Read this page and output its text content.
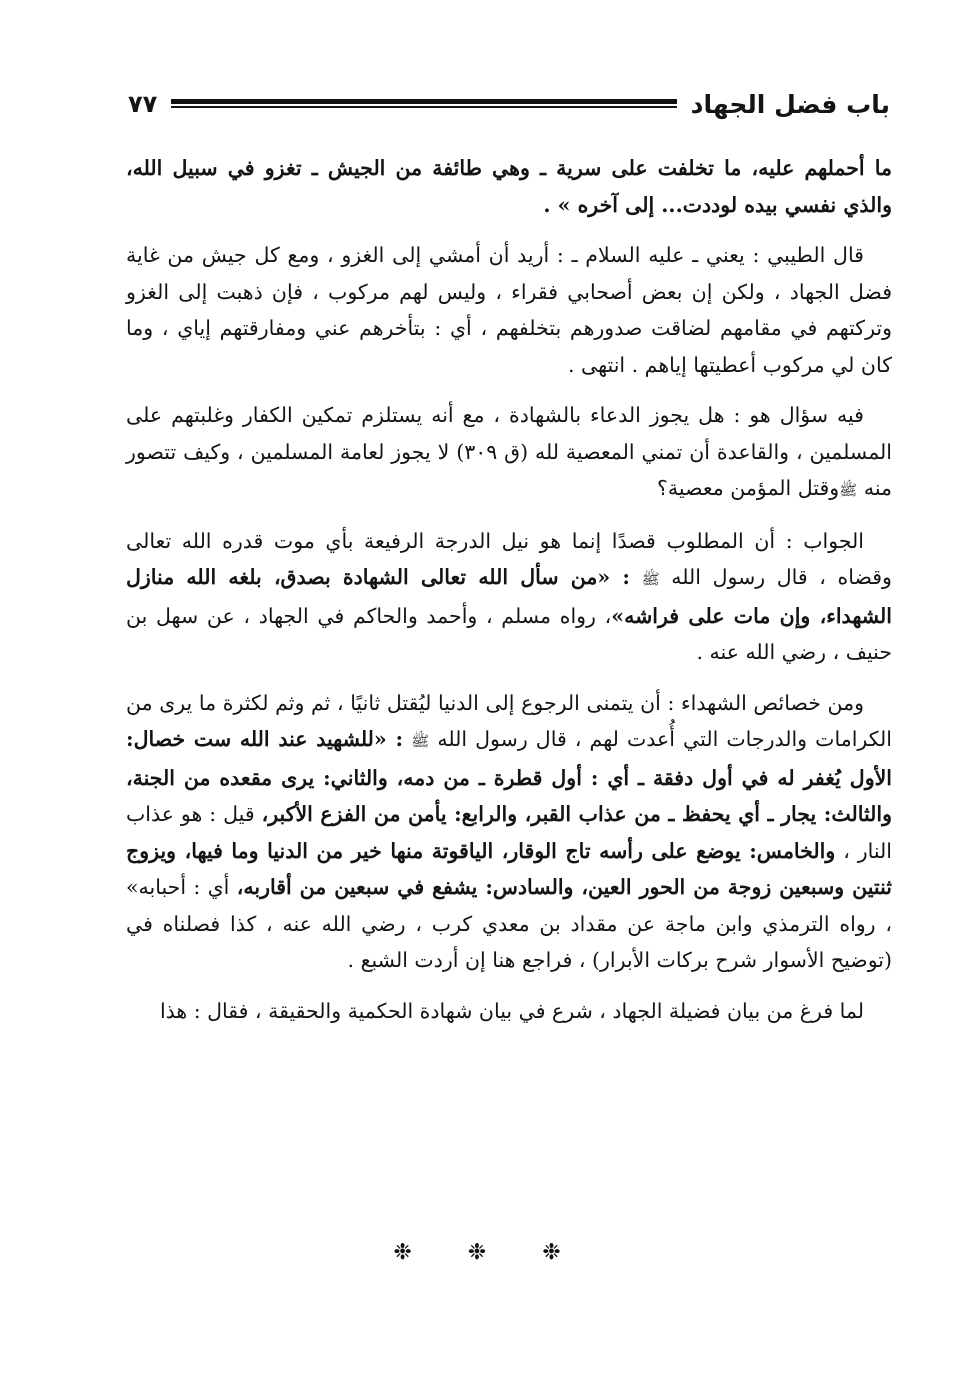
باب فضل الجهاد
٧٧

ما أحملهم عليه، ما تخلفت على سرية ـ وهي طائفة من الجيش ـ تغزو في سبيل الله، والذي نفسي بيده لوددت... إلى آخره » .

قال الطيبي : يعني ـ عليه السلام ـ : أريد أن أمشي إلى الغزو ، ومع كل جيش من غاية فضل الجهاد ، ولكن إن بعض أصحابي فقراء ، وليس لهم مركوب ، فإن ذهبت إلى الغزو وتركتهم في مقامهم لضاقت صدورهم بتخلفهم ، أي : بتأخرهم عني ومفارقتهم إياي ، وما كان لي مركوب أعطيتها إياهم . انتهى .

فيه سؤال هو : هل يجوز الدعاء بالشهادة ، مع أنه يستلزم تمكين الكفار وغلبتهم على المسلمين ، والقاعدة أن تمني المعصية لله (ق ٣٠٩) لا يجوز لعامة المسلمين ، وكيف تتصور منه ﷺوقتل المؤمن معصية؟

الجواب : أن المطلوب قصدًا إنما هو نيل الدرجة الرفيعة بأي موت قدره الله تعالى وقضاه ، قال رسول الله ﷺ : «من سأل الله تعالى الشهادة بصدق، بلغه الله منازل الشهداء، وإن مات على فراشه»، رواه مسلم ، وأحمد والحاكم في الجهاد ، عن سهل بن حنيف ، رضي الله عنه .

ومن خصائص الشهداء : أن يتمنى الرجوع إلى الدنيا ليُقتل ثانيًا ، ثم وثم لكثرة ما يرى من الكرامات والدرجات التي أُعدت لهم ، قال رسول الله ﷺ : «للشهيد عند الله ست خصال: الأول يُغفر له في أول دفقة ـ أي : أول قطرة ـ من دمه، والثاني: يرى مقعده من الجنة، والثالث: يجار ـ أي يحفظ ـ من عذاب القبر، والرابع: يأمن من الفزع الأكبر، قيل : هو عذاب النار ، والخامس: يوضع على رأسه تاج الوقار، الياقوتة منها خير من الدنيا وما فيها، ويزوج ثنتين وسبعين زوجة من الحور العين، والسادس: يشفع في سبعين من أقاربه، أي : أحبابه» ، رواه الترمذي وابن ماجة عن مقداد بن معدي كرب ، رضي الله عنه ، كذا فصلناه في (توضيح الأسوار شرح بركات الأبرار) ، فراجع هنا إن أردت الشبع .

لما فرغ من بيان فضيلة الجهاد ، شرع في بيان شهادة الحكمية والحقيقة ، فقال : هذا

❉	❉	❉
